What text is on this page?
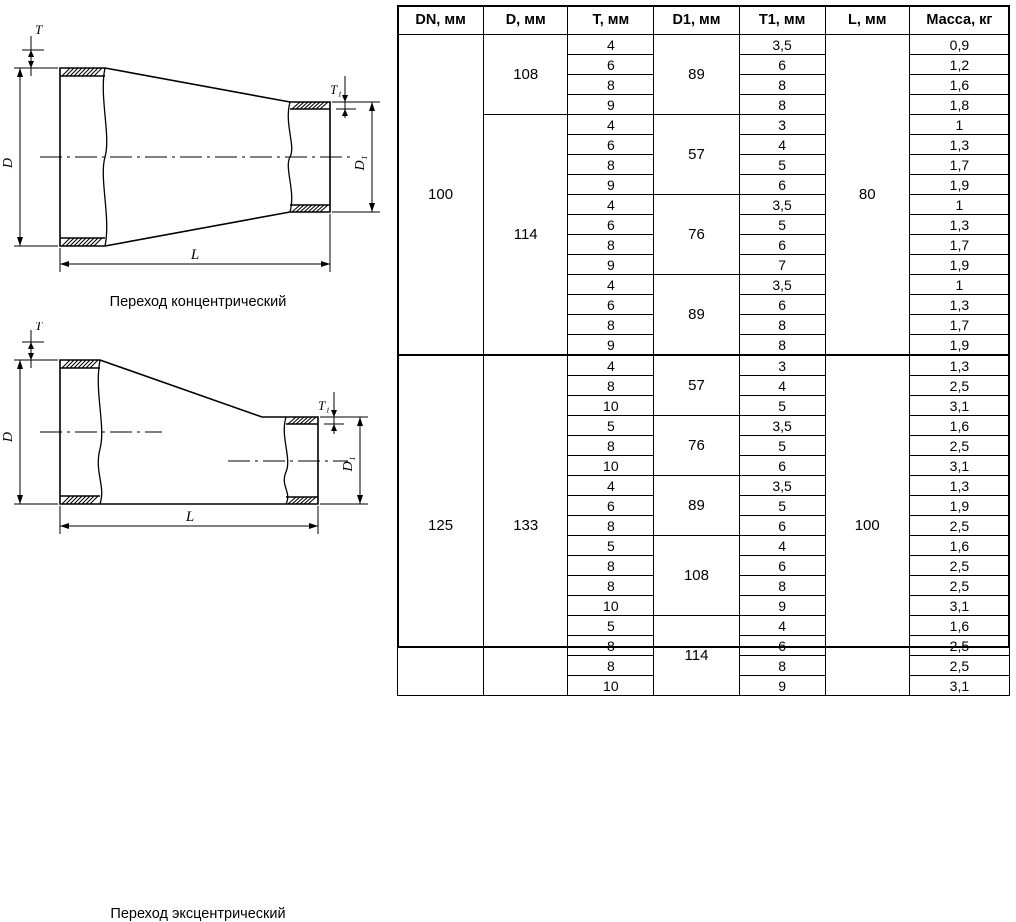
D	D₁
T
T₁
L
Переход концентрический
D
D₁
T
T₁
L
Переход эксцентрический
DN, мм	D, мм	T, мм	D1, мм	T1, мм	L, мм	Масса, кг
100	108	4	89	3,5	80	0,9
		6		6		1,2
		8		8		1,6
		9		8		1,8
	114	4	57	3		1
		6		4		1,3
		8		5		1,7
		9		6		1,9
		4	76	3,5		1
		6		5		1,3
		8		6		1,7
		9		7		1,9
		4	89	3,5		1
		6		6		1,3
		8		8		1,7
		9		8		1,9
125	133	4	57	3	100	1,3
		8		4		2,5
		10		5		3,1
		5	76	3,5		1,6
		8		5		2,5
		10		6		3,1
		4	89	3,5		1,3
		6		5		1,9
		8		6		2,5
		5	108	4		1,6
		8		6		2,5
		8		8		2,5
		10		9		3,1
		5	114	4		1,6
		8		6		2,5
		8		8		2,5
		10		9		3,1
